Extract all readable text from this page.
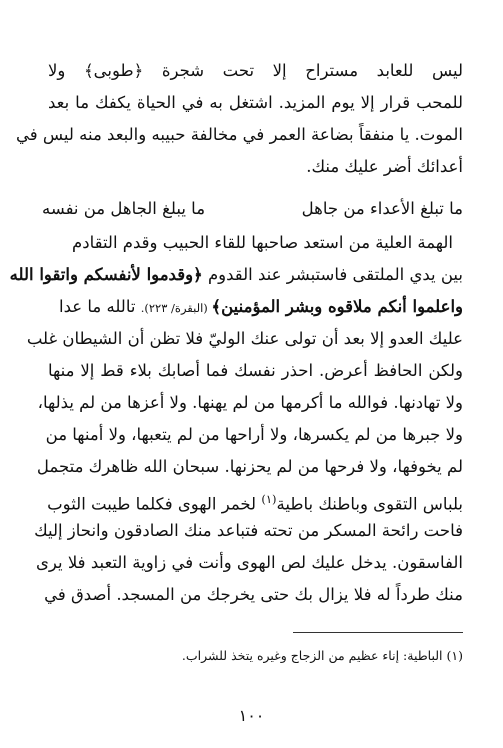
ليس للعابد مستراح إلا تحت شجرة ﴿طوبى﴾ ولا
للمحب قرار إلا يوم المزيد. اشتغل به في الحياة يكفك ما بعد
الموت. يا منفقاً بضاعة العمر في مخالفة حبيبه والبعد منه ليس في
أعدائك أضر عليك منك.
ما تبلغ الأعداء من جاهل
ما يبلغ الجاهل من نفسه
الهمة العلية من استعد صاحبها للقاء الحبيب وقدم التقادم
بين يدي الملتقى فاستبشر عند القدوم ﴿وقدموا لأنفسكم واتقوا الله
واعلموا أنكم ملاقوه وبشر المؤمنين﴾ (البقرة/ ٢٢٣). تالله ما عدا
عليك العدو إلا بعد أن تولى عنك الوليّ فلا تظن أن الشيطان غلب
ولكن الحافظ أعرض. احذر نفسك فما أصابك بلاء قط إلا منها
ولا تهادنها. فوالله ما أكرمها من لم يهنها. ولا أعزها من لم يذلها،
ولا جبرها من لم يكسرها، ولا أراحها من لم يتعبها، ولا أمنها من
لم يخوفها، ولا فرحها من لم يحزنها. سبحان الله ظاهرك متجمل
بلباس التقوى وباطنك باطية$^{(١)}$ لخمر الهوى فكلما طيبت الثوب
فاحت رائحة المسكر من تحته فتباعد منك الصادقون وانحاز إليك
الفاسقون. يدخل عليك لص الهوى وأنت في زاوية التعبد فلا يرى
منك طرداً له فلا يزال بك حتى يخرجك من المسجد. أصدق في
(١) الباطية: إناء عظيم من الزجاج وغيره يتخذ للشراب.
١٠٠
